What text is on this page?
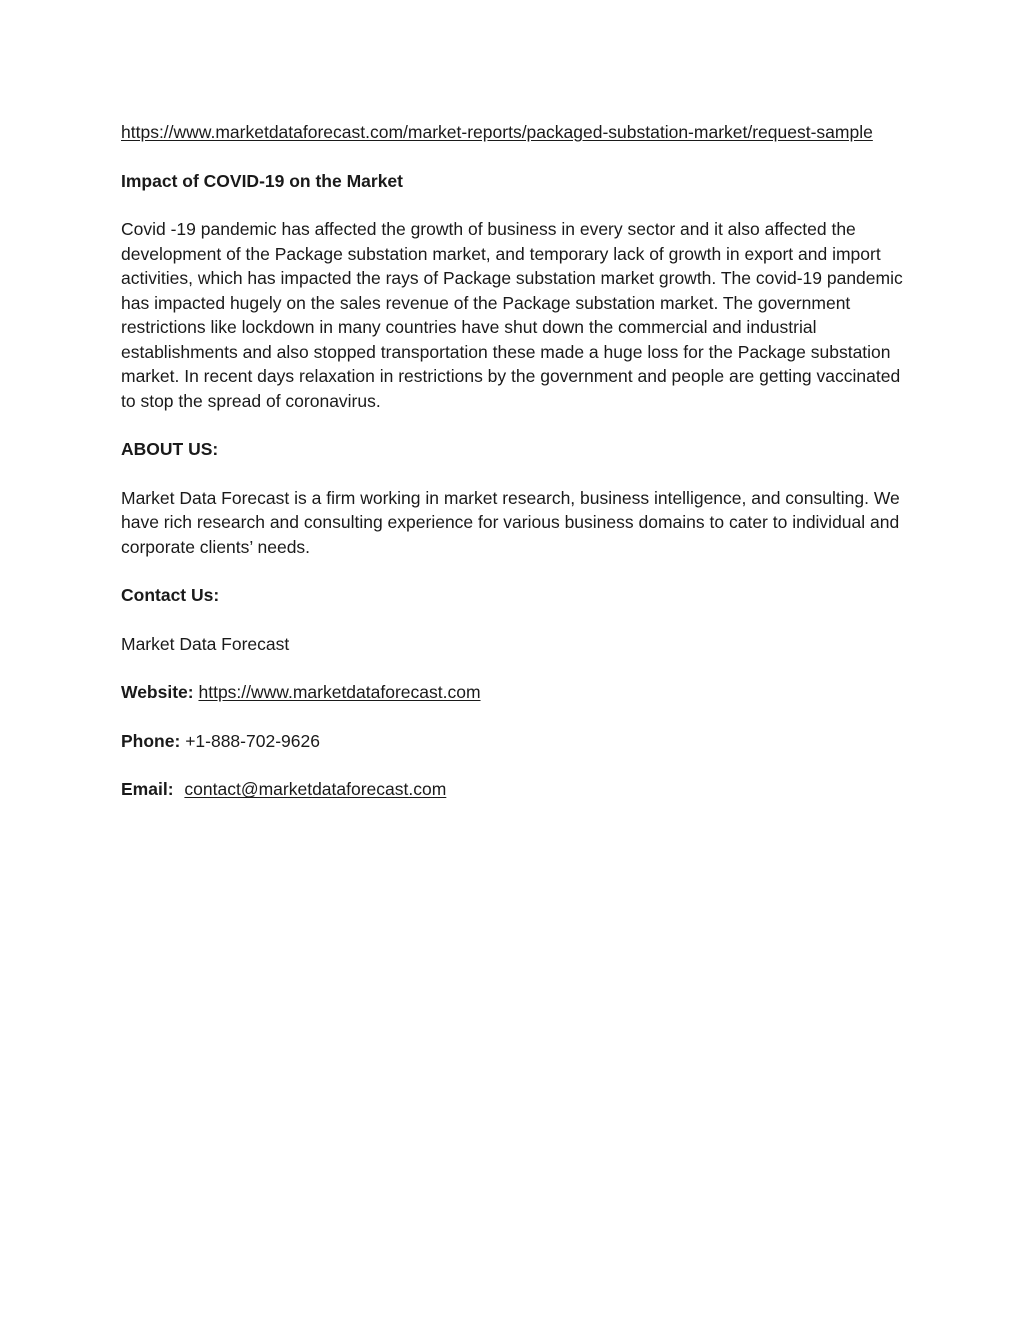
https://www.marketdataforecast.com/market-reports/packaged-substation-market/request-sample
Impact of COVID-19 on the Market
Covid -19 pandemic has affected the growth of business in every sector and it also affected the development of the Package substation market, and temporary lack of growth in export and import activities, which has impacted the rays of Package substation market growth. The covid-19 pandemic has impacted hugely on the sales revenue of the Package substation market. The government restrictions like lockdown in many countries have shut down the commercial and industrial establishments and also stopped transportation these made a huge loss for the Package substation market. In recent days relaxation in restrictions by the government and people are getting vaccinated to stop the spread of coronavirus.
ABOUT US:
Market Data Forecast is a firm working in market research, business intelligence, and consulting. We have rich research and consulting experience for various business domains to cater to individual and corporate clients’ needs.
Contact Us:
Market Data Forecast
Website: https://www.marketdataforecast.com
Phone: +1-888-702-9626
Email: contact@marketdataforecast.com
